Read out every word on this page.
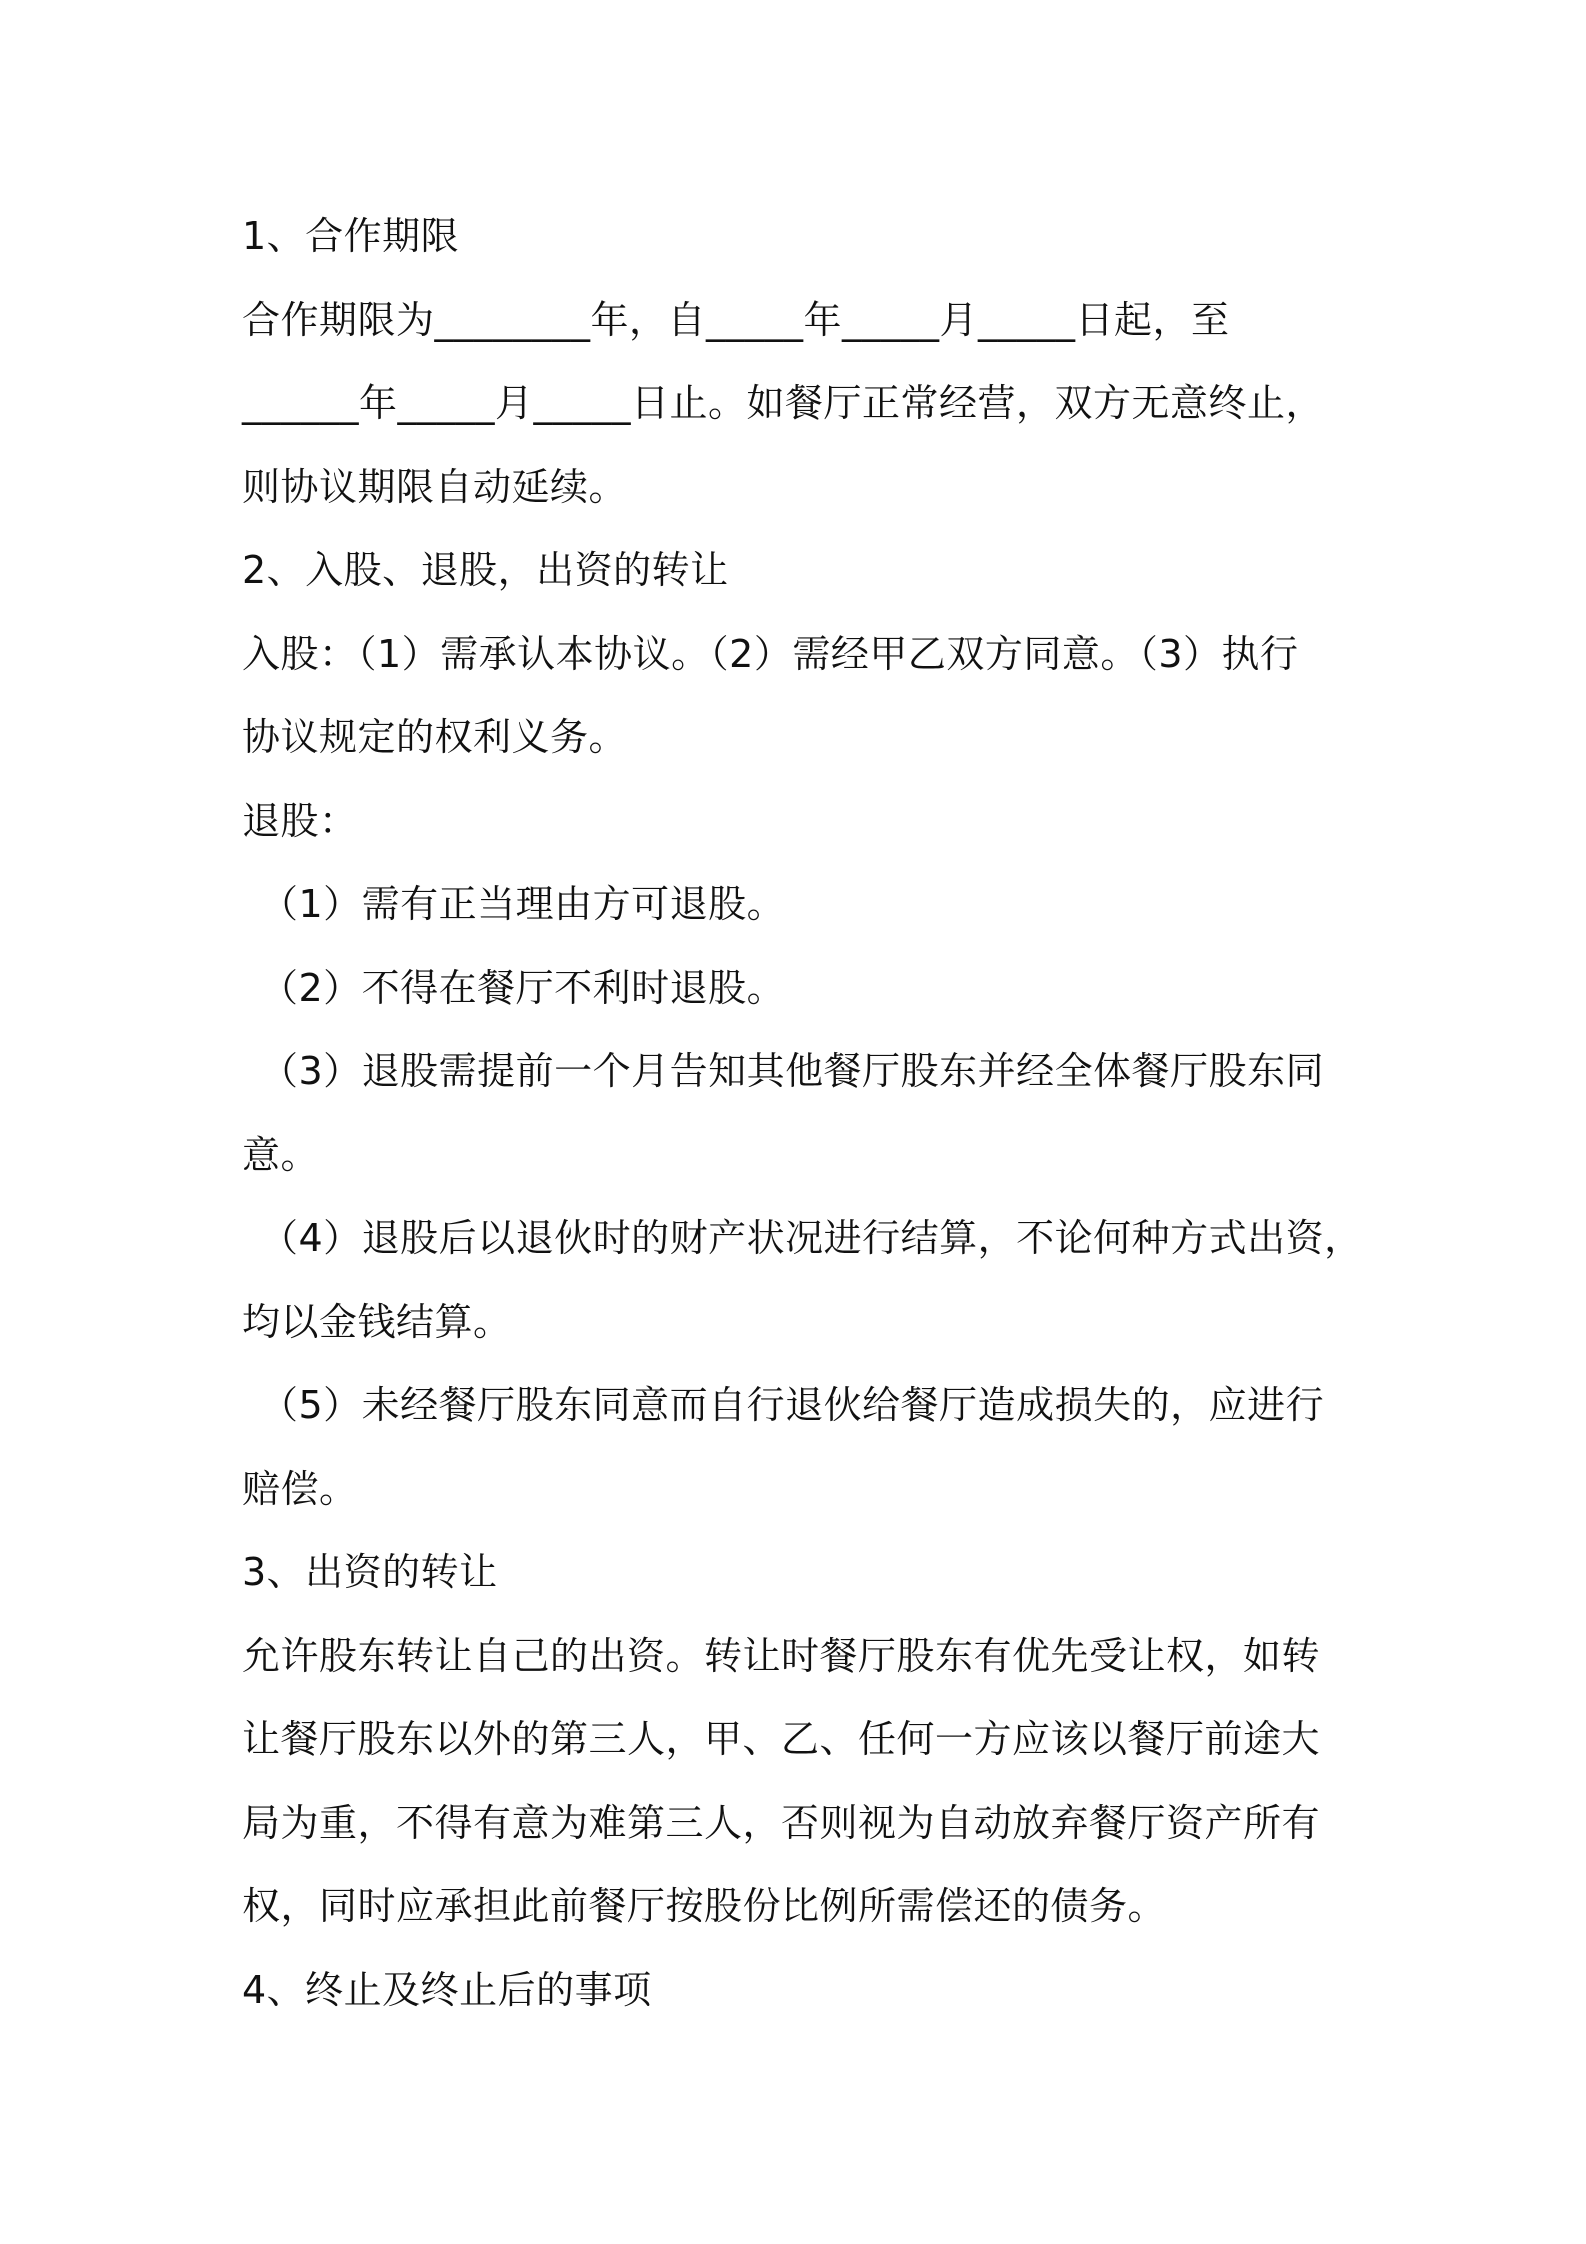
1、合作期限
合作期限为________年，自_____年_____月_____日起，至
______年_____月_____日止。如餐厅正常经营，双方无意终止，
则协议期限自动延续。
2、入股、退股，出资的转让
入股：（1）需承认本协议。（2）需经甲乙双方同意。（3）执行
协议规定的权利义务。
退股：
（1）需有正当理由方可退股。
（2）不得在餐厅不利时退股。
（3）退股需提前一个月告知其他餐厅股东并经全体餐厅股东同
意。
（4）退股后以退伙时的财产状况进行结算，不论何种方式出资，
均以金钱结算。
（5）未经餐厅股东同意而自行退伙给餐厅造成损失的，应进行
赔偿。
3、出资的转让
允许股东转让自己的出资。转让时餐厅股东有优先受让权，如转
让餐厅股东以外的第三人，甲、乙、任何一方应该以餐厅前途大
局为重，不得有意为难第三人，否则视为自动放弃餐厅资产所有
权，同时应承担此前餐厅按股份比例所需偿还的债务。
4、终止及终止后的事项
